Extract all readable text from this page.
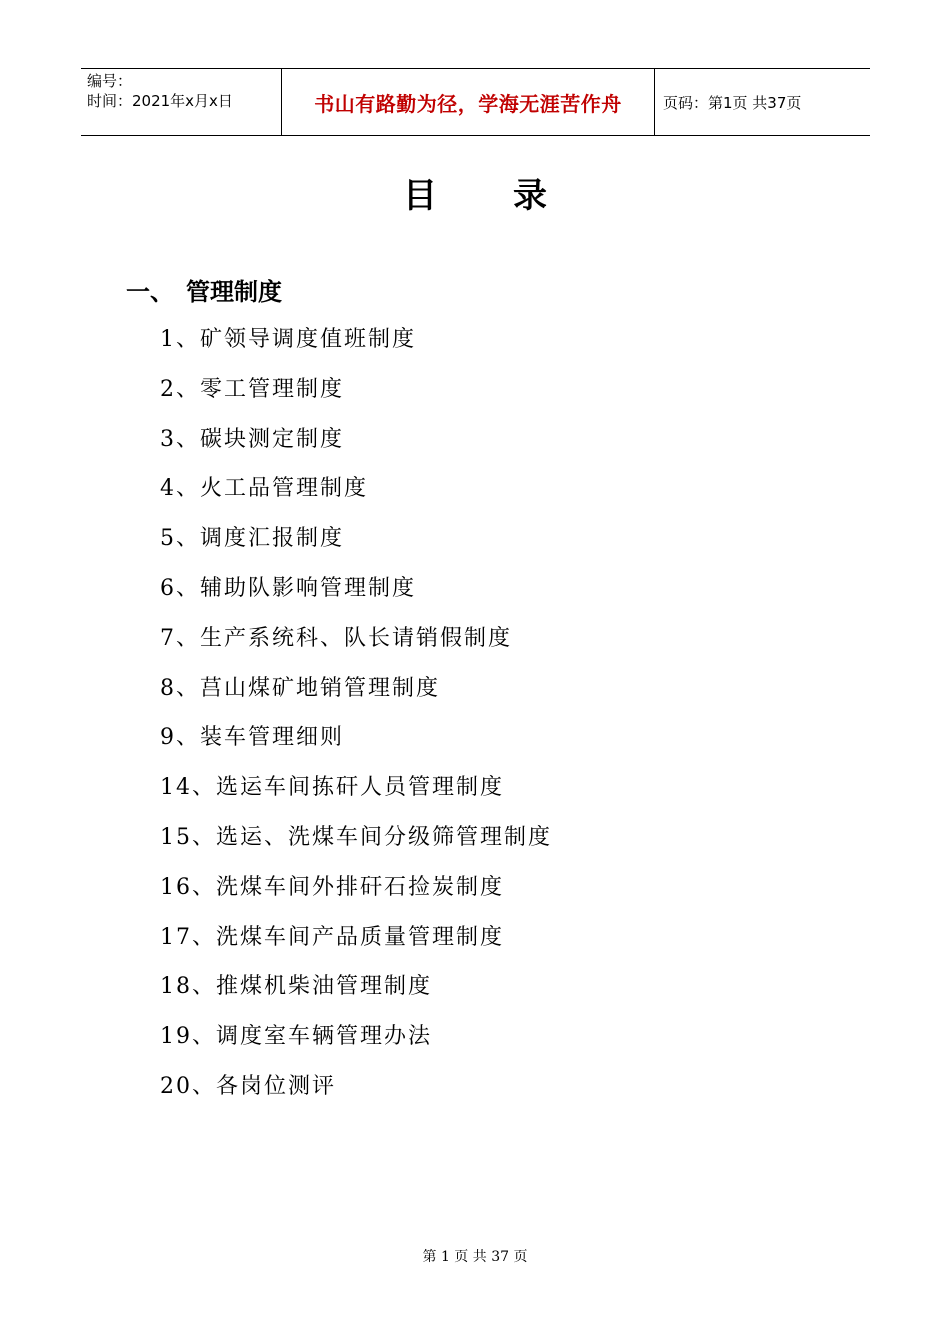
编号：
时间：2021年x月x日	书山有路勤为径，学海无涯苦作舟	页码：第1页 共37页
目录
一、 管理制度
1、矿领导调度值班制度
2、零工管理制度
3、碳块测定制度
4、火工品管理制度
5、调度汇报制度
6、辅助队影响管理制度
7、生产系统科、队长请销假制度
8、莒山煤矿地销管理制度
9、装车管理细则
14、选运车间拣矸人员管理制度
15、选运、洗煤车间分级筛管理制度
16、洗煤车间外排矸石捡炭制度
17、洗煤车间产品质量管理制度
18、推煤机柴油管理制度
19、调度室车辆管理办法
20、各岗位测评
第 1 页 共 37 页
